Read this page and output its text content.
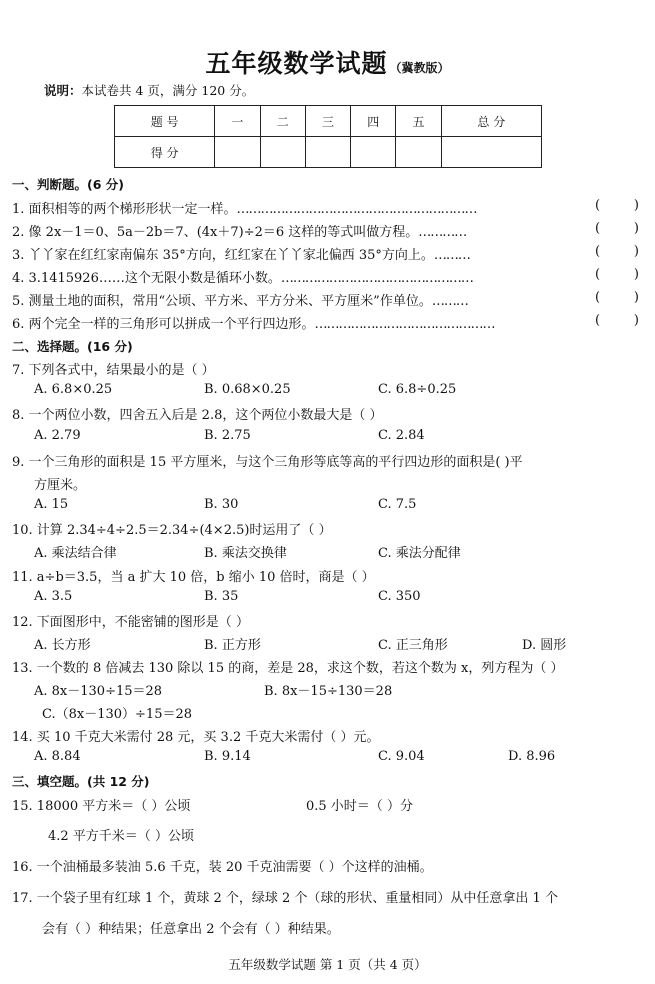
五年级数学试题 （冀教版）
说明：本试卷共 4 页，满分 120 分。
题 号	一	二	三	四	五	总 分
得 分						
一、判断题。(6 分)
1. 面积相等的两个梯形形状一定一样。……………………………………………………	(	)
2. 像 2x－1＝0、5a－2b＝7、(4x＋7)÷2＝6 这样的等式叫做方程。…………	(	)
3. 丫丫家在红红家南偏东 35°方向，红红家在丫丫家北偏西 35°方向上。………	(	)
4. 3.1415926……这个无限小数是循环小数。…………………………………………	(	)
5. 测量土地的面积，常用“公顷、平方米、平方分米、平方厘米”作单位。………	(	)
6. 两个完全一样的三角形可以拼成一个平行四边形。………………………………………	(	)
二、选择题。(16 分)
7. 下列各式中，结果最小的是（ ）
A. 6.8×0.25	B. 0.68×0.25	C. 6.8÷0.25
8. 一个两位小数，四舍五入后是 2.8，这个两位小数最大是（ ）
A. 2.79	B. 2.75	C. 2.84
9. 一个三角形的面积是 15 平方厘米，与这个三角形等底等高的平行四边形的面积是( )平
方厘米。
A. 15	B. 30	C. 7.5
10. 计算 2.34÷4÷2.5＝2.34÷(4×2.5)时运用了（ ）
A. 乘法结合律	B. 乘法交换律	C. 乘法分配律
11. a÷b＝3.5，当 a 扩大 10 倍，b 缩小 10 倍时，商是（ ）
A. 3.5	B. 35	C. 350
12. 下面图形中，不能密铺的图形是（ ）
A. 长方形	B. 正方形	C. 正三角形	D. 圆形
13. 一个数的 8 倍减去 130 除以 15 的商，差是 28，求这个数，若这个数为 x，列方程为（ ）
A. 8x－130÷15＝28	B. 8x－15÷130＝28
C.（8x－130）÷15＝28
14. 买 10 千克大米需付 28 元，买 3.2 千克大米需付（ ）元。
A. 8.84	B. 9.14	C. 9.04	D. 8.96
三、填空题。(共 12 分)
15. 18000 平方米＝（ ）公顷	0.5 小时＝（ ）分
4.2 平方千米＝（ ）公顷
16. 一个油桶最多装油 5.6 千克，装 20 千克油需要（ ）个这样的油桶。
17. 一个袋子里有红球 1 个，黄球 2 个，绿球 2 个（球的形状、重量相同）从中任意拿出 1 个
会有（ ）种结果；任意拿出 2 个会有（ ）种结果。
五年级数学试题 第 1 页（共 4 页）
